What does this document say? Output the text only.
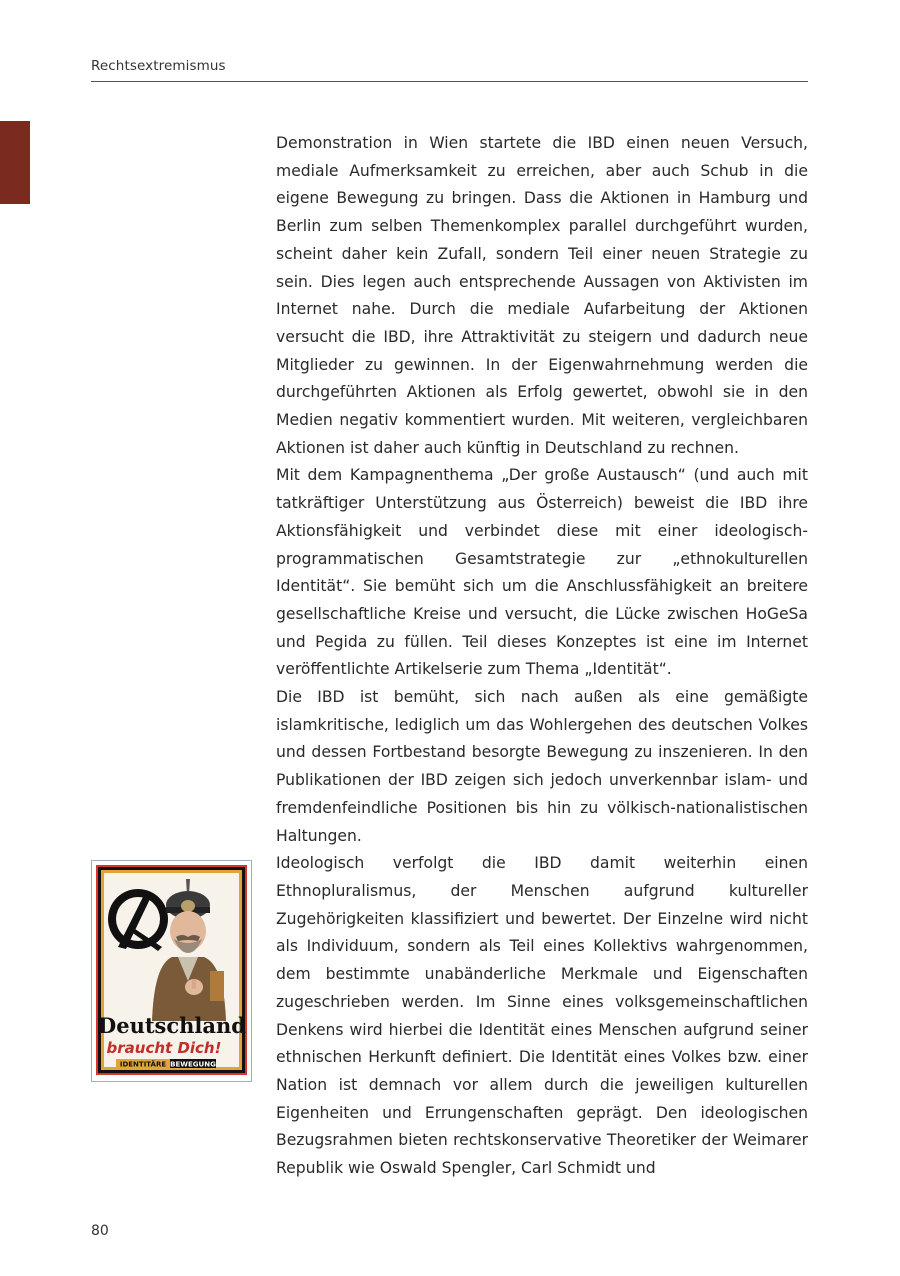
Rechtsextremismus

Demonstration in Wien startete die IBD einen neuen Versuch, mediale Aufmerksamkeit zu erreichen, aber auch Schub in die eigene Bewegung zu bringen. Dass die Aktionen in Hamburg und Berlin zum selben Themenkomplex parallel durchgeführt wurden, scheint daher kein Zufall, sondern Teil einer neuen Strategie zu sein. Dies legen auch entsprechende Aussagen von Aktivisten im Internet nahe. Durch die mediale Aufarbeitung der Aktionen versucht die IBD, ihre Attraktivität zu steigern und dadurch neue Mitglieder zu gewinnen. In der Eigenwahrnehmung werden die durchgeführten Aktionen als Erfolg gewertet, obwohl sie in den Medien negativ kommentiert wurden. Mit weiteren, vergleichbaren Aktionen ist daher auch künftig in Deutschland zu rechnen.

Mit dem Kampagnenthema „Der große Austausch“ (und auch mit tatkräftiger Unterstützung aus Österreich) beweist die IBD ihre Aktionsfähigkeit und verbindet diese mit einer ideologisch-programmatischen Gesamtstrategie zur „ethnokulturellen Identität“. Sie bemüht sich um die Anschlussfähigkeit an breitere gesellschaftliche Kreise und versucht, die Lücke zwischen HoGeSa und Pegida zu füllen. Teil dieses Konzeptes ist eine im Internet veröffentlichte Artikelserie zum Thema „Identität“.

Die IBD ist bemüht, sich nach außen als eine gemäßigte islamkritische, lediglich um das Wohlergehen des deutschen Volkes und dessen Fortbestand besorgte Bewegung zu inszenieren. In den Publikationen der IBD zeigen sich jedoch unverkennbar islam- und fremdenfeindliche Positionen bis hin zu völkisch-nationalistischen Haltungen.

Ideologisch verfolgt die IBD damit weiterhin einen Ethnopluralismus, der Menschen aufgrund kultureller Zugehörigkeiten klassifiziert und bewertet. Der Einzelne wird nicht als Individuum, sondern als Teil eines Kollektivs wahrgenommen, dem bestimmte unabänderliche Merkmale und Eigenschaften zugeschrieben werden. Im Sinne eines volksgemeinschaftlichen Denkens wird hierbei die Identität eines Menschen aufgrund seiner ethnischen Herkunft definiert. Die Identität eines Volkes bzw. einer Nation ist demnach vor allem durch die jeweiligen kulturellen Eigenheiten und Errungenschaften geprägt. Den ideologischen Bezugsrahmen bieten rechtskonservative Theoretiker der Weimarer Republik wie Oswald Spengler, Carl Schmidt und

Deutschland
braucht Dich!
IDENTITÄRE BEWEGUNG
80
